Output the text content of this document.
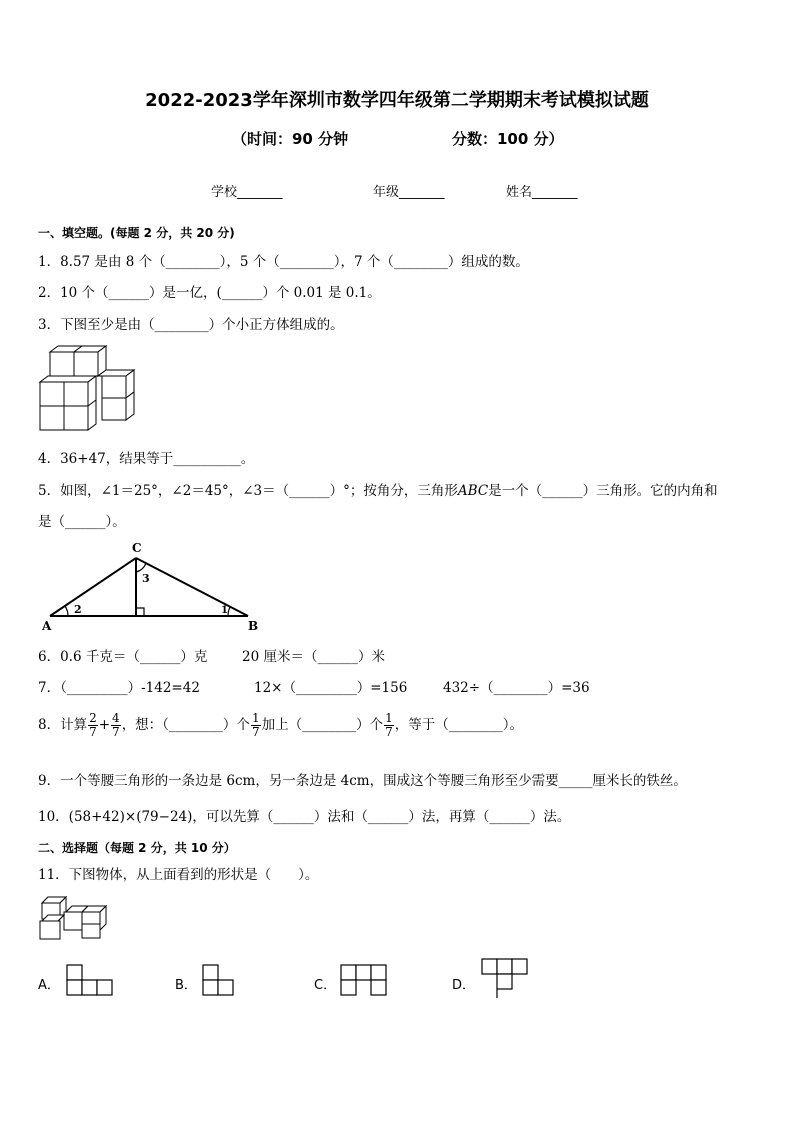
2022-2023学年深圳市数学四年级第二学期期末考试模拟试题
（时间：90 分钟	分数：100 分）
学校_______	年级_______	姓名_______
一、填空题。(每题 2 分，共 20 分)
1．8.57 是由 8 个（________），5 个（________），7 个（________）组成的数。
2．10 个（______）是一亿，(______）个 0.01 是 0.1。
3．下图至少是由（________）个小正方体组成的。
4．36+47，结果等于__________。
5．如图，∠1＝25°，∠2＝45°，∠3＝（______）°；按角分，三角形ABC是一个（______）三角形。它的内角和
是（______）。
C
A	B
2
3
1
6．0.6 千克＝（______）克	20 厘米＝（______）米
7．（_________）-142=42	12×（_________）=156	432÷（________）=36
8．计算 $\frac{2}{7} + \frac{4}{7}$ ，想：（________）个 $\frac{1}{7}$ 加上（________）个 $\frac{1}{7}$ ，等于（________）。
9．一个等腰三角形的一条边是 6cm，另一条边是 4cm，围成这个等腰三角形至少需要_____厘米长的铁丝。
10．(58+42)×(79−24)，可以先算（______）法和（______）法，再算（______）法。
二、选择题（每题 2 分，共 10 分）
11．下图物体，从上面看到的形状是（　　）。
A．	B．	C．	D．
